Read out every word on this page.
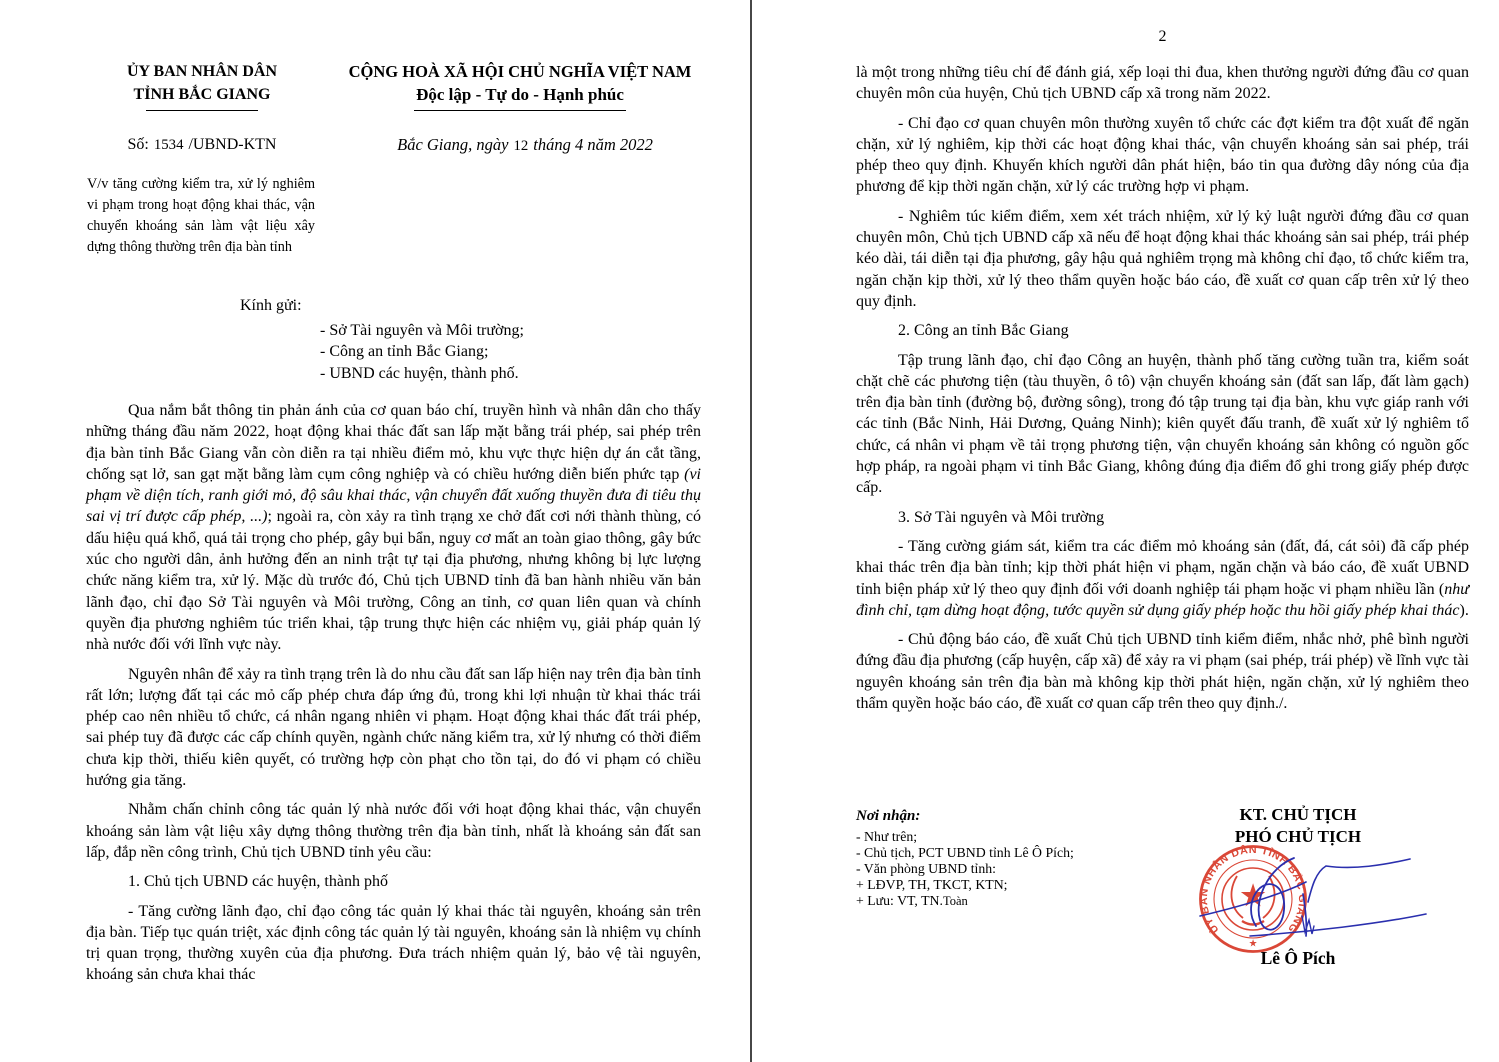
ỦY BAN NHÂN DÂN
TỈNH BẮC GIANG
CỘNG HOÀ XÃ HỘI CHỦ NGHĨA VIỆT NAM
Độc lập - Tự do - Hạnh phúc
Số: 1534 /UBND-KTN	Bắc Giang, ngày 12 tháng 4 năm 2022
V/v tăng cường kiểm tra, xử lý nghiêm vi phạm trong hoạt động khai thác, vận chuyển khoáng sản làm vật liệu xây dựng thông thường trên địa bàn tỉnh
Kính gửi:
- Sở Tài nguyên và Môi trường;
- Công an tỉnh Bắc Giang;
- UBND các huyện, thành phố.

Qua nắm bắt thông tin phản ánh của cơ quan báo chí, truyền hình và nhân dân cho thấy những tháng đầu năm 2022, hoạt động khai thác đất san lấp mặt bằng trái phép, sai phép trên địa bàn tỉnh Bắc Giang vẫn còn diễn ra tại nhiều điểm mỏ, khu vực thực hiện dự án cắt tầng, chống sạt lở, san gạt mặt bằng làm cụm công nghiệp và có chiều hướng diễn biến phức tạp (vi phạm về diện tích, ranh giới mỏ, độ sâu khai thác, vận chuyển đất xuống thuyền đưa đi tiêu thụ sai vị trí được cấp phép, ...); ngoài ra, còn xảy ra tình trạng xe chở đất cơi nới thành thùng, có dấu hiệu quá khổ, quá tải trọng cho phép, gây bụi bẩn, nguy cơ mất an toàn giao thông, gây bức xúc cho người dân, ảnh hưởng đến an ninh trật tự tại địa phương, nhưng không bị lực lượng chức năng kiểm tra, xử lý. Mặc dù trước đó, Chủ tịch UBND tỉnh đã ban hành nhiều văn bản lãnh đạo, chỉ đạo Sở Tài nguyên và Môi trường, Công an tỉnh, cơ quan liên quan và chính quyền địa phương nghiêm túc triển khai, tập trung thực hiện các nhiệm vụ, giải pháp quản lý nhà nước đối với lĩnh vực này.

Nguyên nhân để xảy ra tình trạng trên là do nhu cầu đất san lấp hiện nay trên địa bàn tỉnh rất lớn; lượng đất tại các mỏ cấp phép chưa đáp ứng đủ, trong khi lợi nhuận từ khai thác trái phép cao nên nhiều tổ chức, cá nhân ngang nhiên vi phạm. Hoạt động khai thác đất trái phép, sai phép tuy đã được các cấp chính quyền, ngành chức năng kiểm tra, xử lý nhưng có thời điểm chưa kịp thời, thiếu kiên quyết, có trường hợp còn phạt cho tồn tại, do đó vi phạm có chiều hướng gia tăng.

Nhằm chấn chỉnh công tác quản lý nhà nước đối với hoạt động khai thác, vận chuyển khoáng sản làm vật liệu xây dựng thông thường trên địa bàn tỉnh, nhất là khoáng sản đất san lấp, đắp nền công trình, Chủ tịch UBND tỉnh yêu cầu:

1. Chủ tịch UBND các huyện, thành phố

- Tăng cường lãnh đạo, chỉ đạo công tác quản lý khai thác tài nguyên, khoáng sản trên địa bàn. Tiếp tục quán triệt, xác định công tác quản lý tài nguyên, khoáng sản là nhiệm vụ chính trị quan trọng, thường xuyên của địa phương. Đưa trách nhiệm quản lý, bảo vệ tài nguyên, khoáng sản chưa khai thác

2

là một trong những tiêu chí để đánh giá, xếp loại thi đua, khen thưởng người đứng đầu cơ quan chuyên môn của huyện, Chủ tịch UBND cấp xã trong năm 2022.

- Chỉ đạo cơ quan chuyên môn thường xuyên tổ chức các đợt kiểm tra đột xuất để ngăn chặn, xử lý nghiêm, kịp thời các hoạt động khai thác, vận chuyển khoáng sản sai phép, trái phép theo quy định. Khuyến khích người dân phát hiện, báo tin qua đường dây nóng của địa phương để kịp thời ngăn chặn, xử lý các trường hợp vi phạm.

- Nghiêm túc kiểm điểm, xem xét trách nhiệm, xử lý kỷ luật người đứng đầu cơ quan chuyên môn, Chủ tịch UBND cấp xã nếu để hoạt động khai thác khoáng sản sai phép, trái phép kéo dài, tái diễn tại địa phương, gây hậu quả nghiêm trọng mà không chỉ đạo, tổ chức kiểm tra, ngăn chặn kịp thời, xử lý theo thẩm quyền hoặc báo cáo, đề xuất cơ quan cấp trên xử lý theo quy định.

2. Công an tỉnh Bắc Giang

Tập trung lãnh đạo, chỉ đạo Công an huyện, thành phố tăng cường tuần tra, kiểm soát chặt chẽ các phương tiện (tàu thuyền, ô tô) vận chuyển khoáng sản (đất san lấp, đất làm gạch) trên địa bàn tỉnh (đường bộ, đường sông), trong đó tập trung tại địa bàn, khu vực giáp ranh với các tỉnh (Bắc Ninh, Hải Dương, Quảng Ninh); kiên quyết đấu tranh, đề xuất xử lý nghiêm tổ chức, cá nhân vi phạm về tải trọng phương tiện, vận chuyển khoáng sản không có nguồn gốc hợp pháp, ra ngoài phạm vi tỉnh Bắc Giang, không đúng địa điểm đổ ghi trong giấy phép được cấp.

3. Sở Tài nguyên và Môi trường

- Tăng cường giám sát, kiểm tra các điểm mỏ khoáng sản (đất, đá, cát sỏi) đã cấp phép khai thác trên địa bàn tỉnh; kịp thời phát hiện vi phạm, ngăn chặn và báo cáo, đề xuất UBND tỉnh biện pháp xử lý theo quy định đối với doanh nghiệp tái phạm hoặc vi phạm nhiều lần (như đình chỉ, tạm dừng hoạt động, tước quyền sử dụng giấy phép hoặc thu hồi giấy phép khai thác).

- Chủ động báo cáo, đề xuất Chủ tịch UBND tỉnh kiểm điểm, nhắc nhở, phê bình người đứng đầu địa phương (cấp huyện, cấp xã) để xảy ra vi phạm (sai phép, trái phép) về lĩnh vực tài nguyên khoáng sản trên địa bàn mà không kịp thời phát hiện, ngăn chặn, xử lý nghiêm theo thẩm quyền hoặc báo cáo, đề xuất cơ quan cấp trên theo quy định./.

Nơi nhận:
- Như trên;
- Chủ tịch, PCT UBND tỉnh Lê Ô Pích;
- Văn phòng UBND tỉnh:
+ LĐVP, TH, TKCT, KTN;
+ Lưu: VT, TN.Toàn
KT. CHỦ TỊCH
PHÓ CHỦ TỊCH
★
ỦY BAN NHÂN DÂN TỈNH BẮC GIANG
★
Lê Ô Pích
